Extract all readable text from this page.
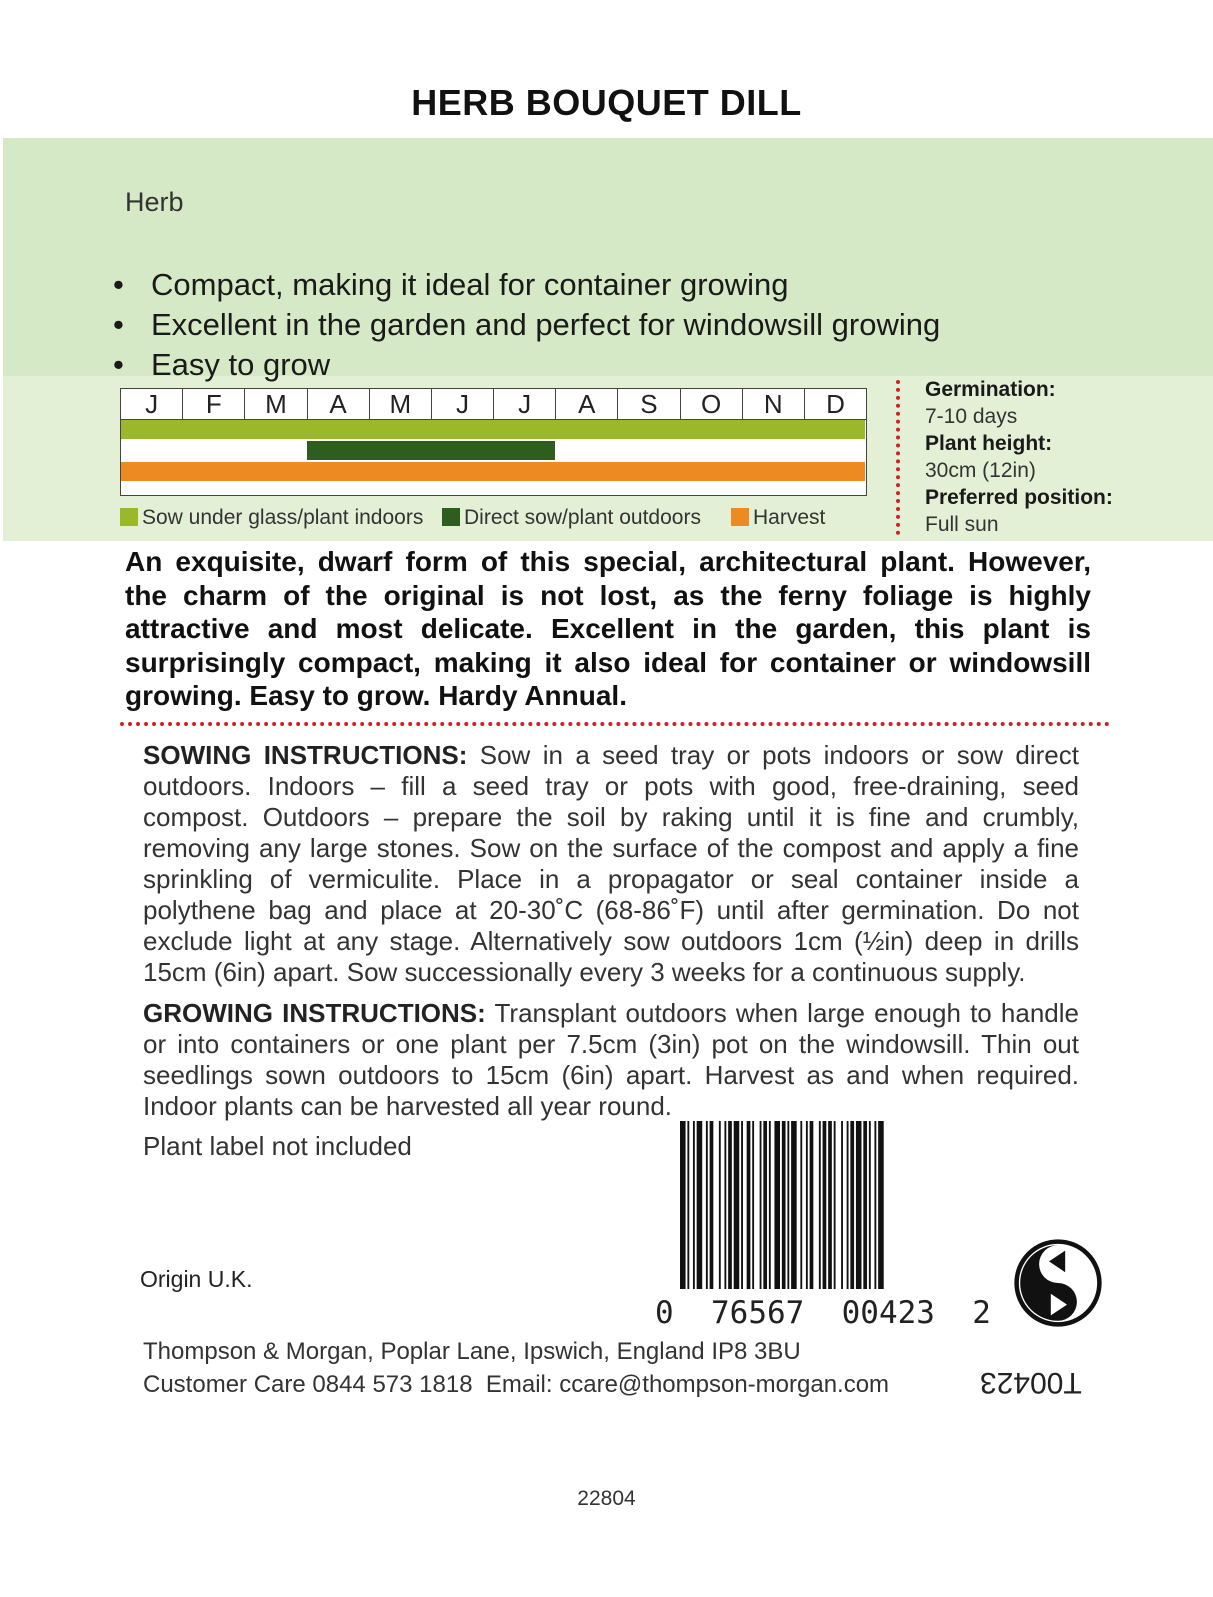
HERB BOUQUET DILL
Herb
• Compact, making it ideal for container growing
• Excellent in the garden and perfect for windowsill growing
• Easy to grow
J	F	M	A	M	J	J	A	S	O	N	D
Sow under glass/plant indoors	Direct sow/plant outdoors	Harvest
Germination:
7-10 days
Plant height:
30cm (12in)
Preferred position:
Full sun
An exquisite, dwarf form of this special, architectural plant. However, the charm of the original is not lost, as the ferny foliage is highly attractive and most delicate. Excellent in the garden, this plant is surprisingly compact, making it also ideal for container or windowsill growing. Easy to grow. Hardy Annual.
SOWING INSTRUCTIONS: Sow in a seed tray or pots indoors or sow direct outdoors. Indoors – fill a seed tray or pots with good, free-draining, seed compost. Outdoors – prepare the soil by raking until it is fine and crumbly, removing any large stones. Sow on the surface of the compost and apply a fine sprinkling of vermiculite. Place in a propagator or seal container inside a polythene bag and place at 20-30˚C (68-86˚F) until after germination. Do not exclude light at any stage. Alternatively sow outdoors 1cm (½in) deep in drills 15cm (6in) apart. Sow successionally every 3 weeks for a continuous supply.
GROWING INSTRUCTIONS: Transplant outdoors when large enough to handle or into containers or one plant per 7.5cm (3in) pot on the windowsill. Thin out seedlings sown outdoors to 15cm (6in) apart. Harvest as and when required. Indoor plants can be harvested all year round.
Plant label not included
Origin U.K.
0  76567  00423  2
Thompson & Morgan, Poplar Lane, Ipswich, England IP8 3BU
Customer Care 0844 573 1818  Email: ccare@thompson-morgan.com	T00423
22804
